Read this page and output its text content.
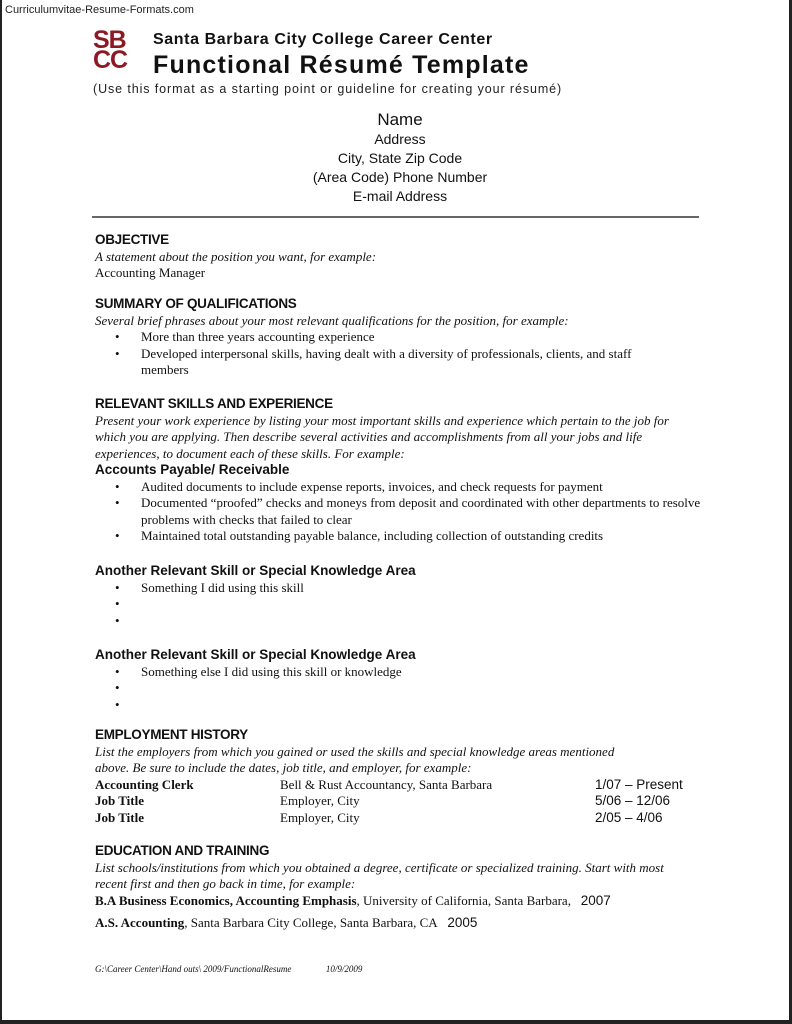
Curriculumvitae-Resume-Formats.com
SB
CC
Santa Barbara City College Career Center
Functional Résumé Template
(Use this format as a starting point or guideline for creating your résumé)
Name
Address
City, State Zip Code
(Area Code) Phone Number
E-mail Address
OBJECTIVE
A statement about the position you want, for example:
Accounting Manager
SUMMARY OF QUALIFICATIONS
Several brief phrases about your most relevant qualifications for the position, for example:
• More than three years accounting experience
• Developed interpersonal skills, having dealt with a diversity of professionals, clients, and staff members
RELEVANT SKILLS AND EXPERIENCE
Present your work experience by listing your most important skills and experience which pertain to the job for which you are applying. Then describe several activities and accomplishments from all your jobs and life experiences, to document each of these skills. For example:
Accounts Payable/ Receivable
• Audited documents to include expense reports, invoices, and check requests for payment
• Documented “proofed” checks and moneys from deposit and coordinated with other departments to resolve problems with checks that failed to clear
• Maintained total outstanding payable balance, including collection of outstanding credits
Another Relevant Skill or Special Knowledge Area
• Something I did using this skill
•
•
Another Relevant Skill or Special Knowledge Area
• Something else I did using this skill or knowledge
•
•
EMPLOYMENT HISTORY
List the employers from which you gained or used the skills and special knowledge areas mentioned above. Be sure to include the dates, job title, and employer, for example:
Accounting Clerk	Bell & Rust Accountancy, Santa Barbara	1/07 – Present
Job Title	Employer, City	5/06 – 12/06
Job Title	Employer, City	2/05 – 4/06
EDUCATION AND TRAINING
List schools/institutions from which you obtained a degree, certificate or specialized training. Start with most recent first and then go back in time, for example:
B.A Business Economics, Accounting Emphasis, University of California, Santa Barbara, 2007
A.S. Accounting, Santa Barbara City College, Santa Barbara, CA 2005
G:\Career Center\Hand outs\ 2009/FunctionalResume	10/9/2009
